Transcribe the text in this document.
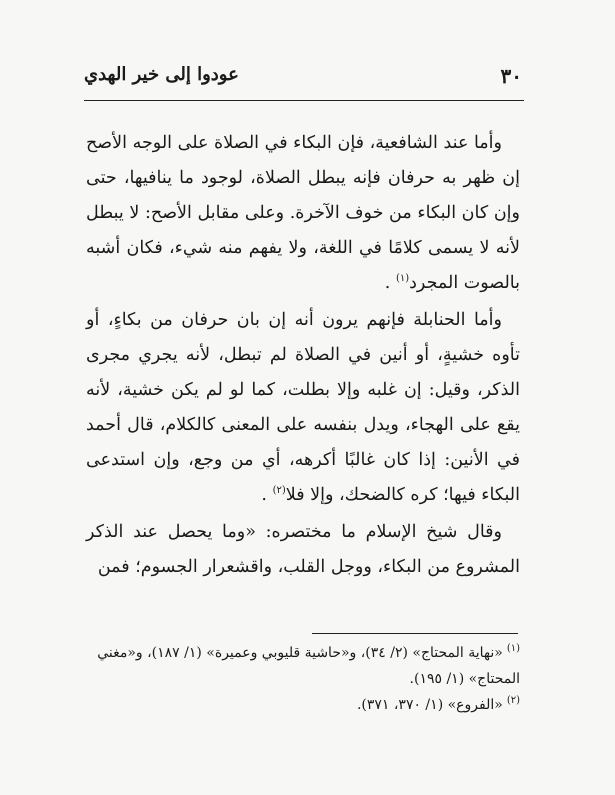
٣٠
عودوا إلى خير الهدي

وأما عند الشافعية، فإن البكاء في الصلاة على الوجه الأصح إن ظهر به حرفان فإنه يبطل الصلاة، لوجود ما ينافيها، حتى وإن كان البكاء من خوف الآخرة. وعلى مقابل الأصح: لا يبطل لأنه لا يسمى كلامًا في اللغة، ولا يفهم منه شيء، فكان أشبه بالصوت المجرد$^{(١)}$ .

وأما الحنابلة فإنهم يرون أنه إن بان حرفان من بكاءٍ، أو تأوه خشيةٍ، أو أنين في الصلاة لم تبطل، لأنه يجري مجرى الذكر، وقيل: إن غلبه وإلا بطلت، كما لو لم يكن خشية، لأنه يقع على الهجاء، ويدل بنفسه على المعنى كالكلام، قال أحمد في الأنين: إذا كان غالبًا أكرهه، أي من وجع، وإن استدعى البكاء فيها؛ كره كالضحك، وإلا فلا$^{(٢)}$ .

وقال شيخ الإسلام ما مختصره: «وما يحصل عند الذكر المشروع من البكاء، ووجل القلب، واقشعرار الجسوم؛ فمن

$^{(١)}$«نهاية المحتاج» (٢/ ٣٤)، و«حاشية قليوبي وعميرة» (١/ ١٨٧)، و«مغني المحتاج» (١/ ١٩٥).

$^{(٢)}$«الفروع» (١/ ٣٧٠، ٣٧١).
